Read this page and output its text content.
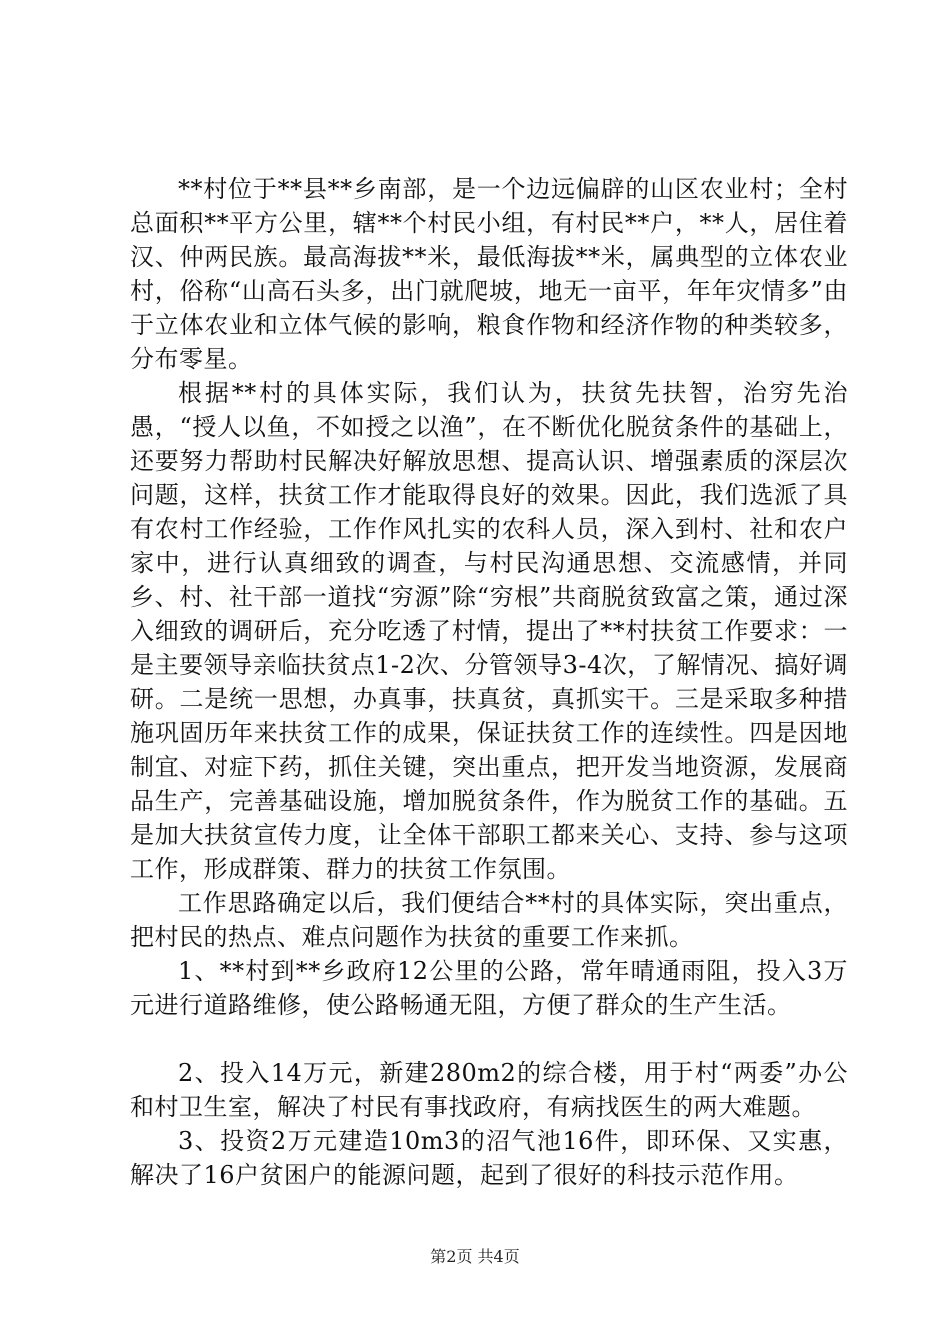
**村位于**县**乡南部，是一个边远偏辟的山区农业村；全村总面积**平方公里，辖**个村民小组，有村民**户，**人，居住着汉、仲两民族。最高海拔**米，最低海拔**米，属典型的立体农业村，俗称“山高石头多，出门就爬坡，地无一亩平，年年灾情多”由于立体农业和立体气候的影响，粮食作物和经济作物的种类较多，分布零星。

根据**村的具体实际，我们认为，扶贫先扶智，治穷先治愚，“授人以鱼，不如授之以渔”，在不断优化脱贫条件的基础上，还要努力帮助村民解决好解放思想、提高认识、增强素质的深层次问题，这样，扶贫工作才能取得良好的效果。因此，我们选派了具有农村工作经验，工作作风扎实的农科人员，深入到村、社和农户家中，进行认真细致的调查，与村民沟通思想、交流感情，并同乡、村、社干部一道找“穷源”除“穷根”共商脱贫致富之策，通过深入细致的调研后，充分吃透了村情，提出了**村扶贫工作要求：一是主要领导亲临扶贫点1-2次、分管领导3-4次，了解情况、搞好调研。二是统一思想，办真事，扶真贫，真抓实干。三是采取多种措施巩固历年来扶贫工作的成果，保证扶贫工作的连续性。四是因地制宜、对症下药，抓住关键，突出重点，把开发当地资源，发展商品生产，完善基础设施，增加脱贫条件，作为脱贫工作的基础。五是加大扶贫宣传力度，让全体干部职工都来关心、支持、参与这项工作，形成群策、群力的扶贫工作氛围。

工作思路确定以后，我们便结合**村的具体实际，突出重点，把村民的热点、难点问题作为扶贫的重要工作来抓。

1、**村到**乡政府12公里的公路，常年晴通雨阻，投入3万元进行道路维修，使公路畅通无阻，方便了群众的生产生活。

2、投入14万元，新建280m2的综合楼，用于村“两委”办公和村卫生室，解决了村民有事找政府，有病找医生的两大难题。

3、投资2万元建造10m3的沼气池16件，即环保、又实惠，解决了16户贫困户的能源问题，起到了很好的科技示范作用。

第2页 共4页
